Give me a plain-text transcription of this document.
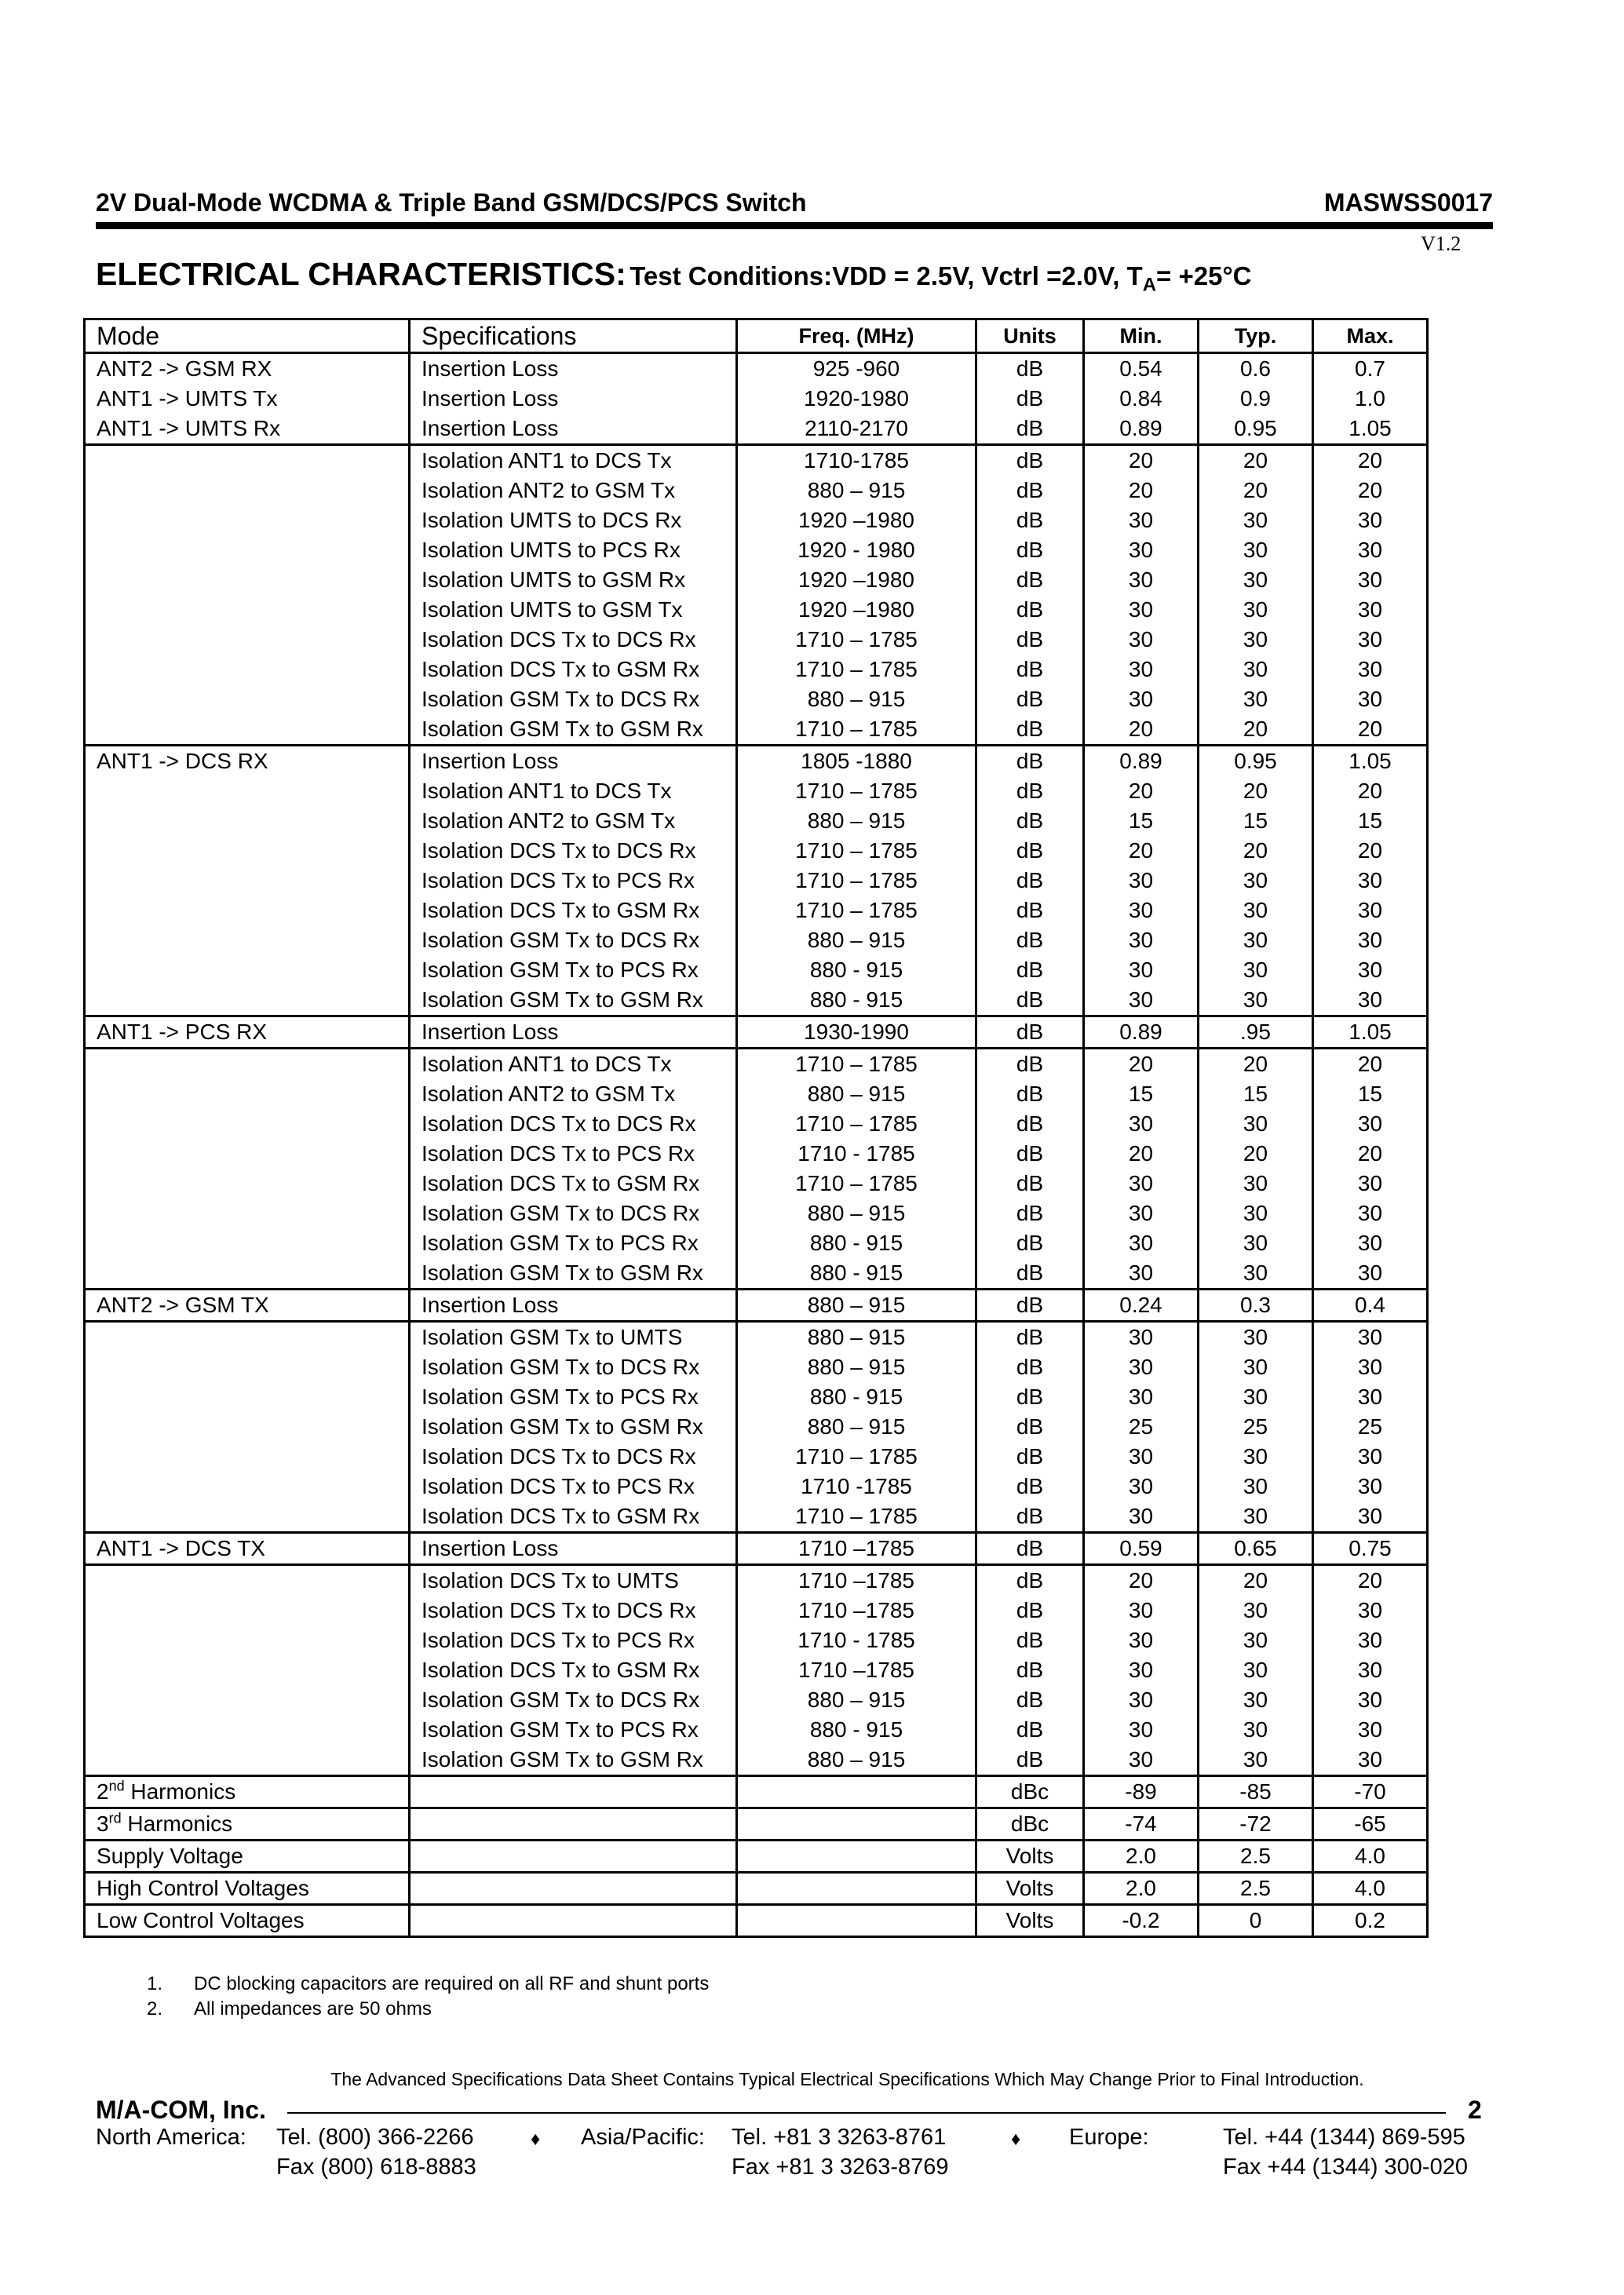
2V Dual-Mode WCDMA & Triple Band GSM/DCS/PCS Switch	MASWSS0017
V1.2
ELECTRICAL CHARACTERISTICS: Test Conditions:VDD = 2.5V, Vctrl =2.0V, $T_A= +25^\circ C$
Mode	Specifications	Freq. (MHz)	Units	Min.	Typ.	Max.
ANT2 -> GSM RX	Insertion Loss	925 -960	dB	0.54	0.6	0.7
ANT1 -> UMTS Tx	Insertion Loss	1920-1980	dB	0.84	0.9	1.0
ANT1 -> UMTS Rx	Insertion Loss	2110-2170	dB	0.89	0.95	1.05
	Isolation ANT1 to DCS Tx	1710-1785	dB	20	20	20
	Isolation ANT2 to GSM Tx	880 – 915	dB	20	20	20
	Isolation UMTS to DCS Rx	1920 –1980	dB	30	30	30
	Isolation UMTS to PCS Rx	1920 - 1980	dB	30	30	30
	Isolation UMTS to GSM Rx	1920 –1980	dB	30	30	30
	Isolation UMTS to GSM Tx	1920 –1980	dB	30	30	30
	Isolation DCS Tx to DCS Rx	1710 – 1785	dB	30	30	30
	Isolation DCS Tx to GSM Rx	1710 – 1785	dB	30	30	30
	Isolation GSM Tx to DCS Rx	880 – 915	dB	30	30	30
	Isolation GSM Tx to GSM Rx	1710 – 1785	dB	20	20	20
ANT1 -> DCS RX	Insertion Loss	1805 -1880	dB	0.89	0.95	1.05
	Isolation ANT1 to DCS Tx	1710 – 1785	dB	20	20	20
	Isolation ANT2 to GSM Tx	880 – 915	dB	15	15	15
	Isolation DCS Tx to DCS Rx	1710 – 1785	dB	20	20	20
	Isolation DCS Tx to PCS Rx	1710 – 1785	dB	30	30	30
	Isolation DCS Tx to GSM Rx	1710 – 1785	dB	30	30	30
	Isolation GSM Tx to DCS Rx	880 – 915	dB	30	30	30
	Isolation GSM Tx to PCS Rx	880 - 915	dB	30	30	30
	Isolation GSM Tx to GSM Rx	880 - 915	dB	30	30	30
ANT1 -> PCS RX	Insertion Loss	1930-1990	dB	0.89	.95	1.05
	Isolation ANT1 to DCS Tx	1710 – 1785	dB	20	20	20
	Isolation ANT2 to GSM Tx	880 – 915	dB	15	15	15
	Isolation DCS Tx to DCS Rx	1710 – 1785	dB	30	30	30
	Isolation DCS Tx to PCS Rx	1710 - 1785	dB	20	20	20
	Isolation DCS Tx to GSM Rx	1710 – 1785	dB	30	30	30
	Isolation GSM Tx to DCS Rx	880 – 915	dB	30	30	30
	Isolation GSM Tx to PCS Rx	880 - 915	dB	30	30	30
	Isolation GSM Tx to GSM Rx	880 - 915	dB	30	30	30
ANT2 -> GSM TX	Insertion Loss	880 – 915	dB	0.24	0.3	0.4
	Isolation GSM Tx to UMTS	880 – 915	dB	30	30	30
	Isolation GSM Tx to DCS Rx	880 – 915	dB	30	30	30
	Isolation GSM Tx to PCS Rx	880 - 915	dB	30	30	30
	Isolation GSM Tx to GSM Rx	880 – 915	dB	25	25	25
	Isolation DCS Tx to DCS Rx	1710 – 1785	dB	30	30	30
	Isolation DCS Tx to PCS Rx	1710 -1785	dB	30	30	30
	Isolation DCS Tx to GSM Rx	1710 – 1785	dB	30	30	30
ANT1 -> DCS TX	Insertion Loss	1710 –1785	dB	0.59	0.65	0.75
	Isolation DCS Tx to UMTS	1710 –1785	dB	20	20	20
	Isolation DCS Tx to DCS Rx	1710 –1785	dB	30	30	30
	Isolation DCS Tx to PCS Rx	1710 - 1785	dB	30	30	30
	Isolation DCS Tx to GSM Rx	1710 –1785	dB	30	30	30
	Isolation GSM Tx to DCS Rx	880 – 915	dB	30	30	30
	Isolation GSM Tx to PCS Rx	880 - 915	dB	30	30	30
	Isolation GSM Tx to GSM Rx	880 – 915	dB	30	30	30
2nd Harmonics			dBc	-89	-85	-70
3rd Harmonics			dBc	-74	-72	-65
Supply Voltage			Volts	2.0	2.5	4.0
High Control Voltages			Volts	2.0	2.5	4.0
Low Control Voltages			Volts	-0.2	0	0.2
1. DC blocking capacitors are required on all RF and shunt ports
2. All impedances are 50 ohms
The Advanced Specifications Data Sheet Contains Typical Electrical Specifications Which May Change Prior to Final Introduction.
M/A-COM, Inc.	2
North America: Tel. (800) 366-2266
Fax (800) 618-8883
♦ Asia/Pacific: Tel. +81 3 3263-8761
Fax +81 3 3263-8769
♦ Europe:	Tel. +44 (1344) 869-595
Fax +44 (1344) 300-020
